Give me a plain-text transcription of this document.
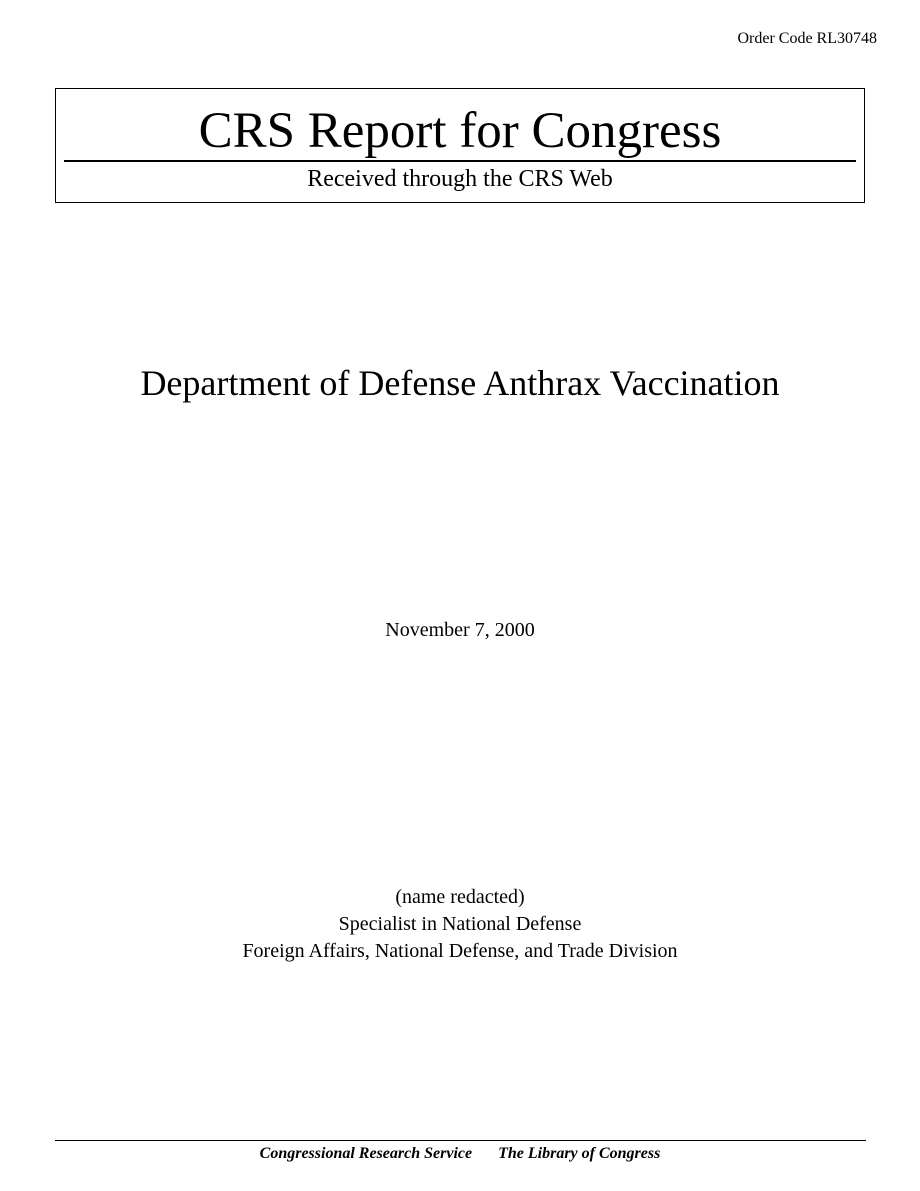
Order Code RL30748
CRS Report for Congress
Received through the CRS Web
Department of Defense Anthrax Vaccination
November 7, 2000
(name redacted)
Specialist in National Defense
Foreign Affairs, National Defense, and Trade Division
Congressional Research Service The Library of Congress
